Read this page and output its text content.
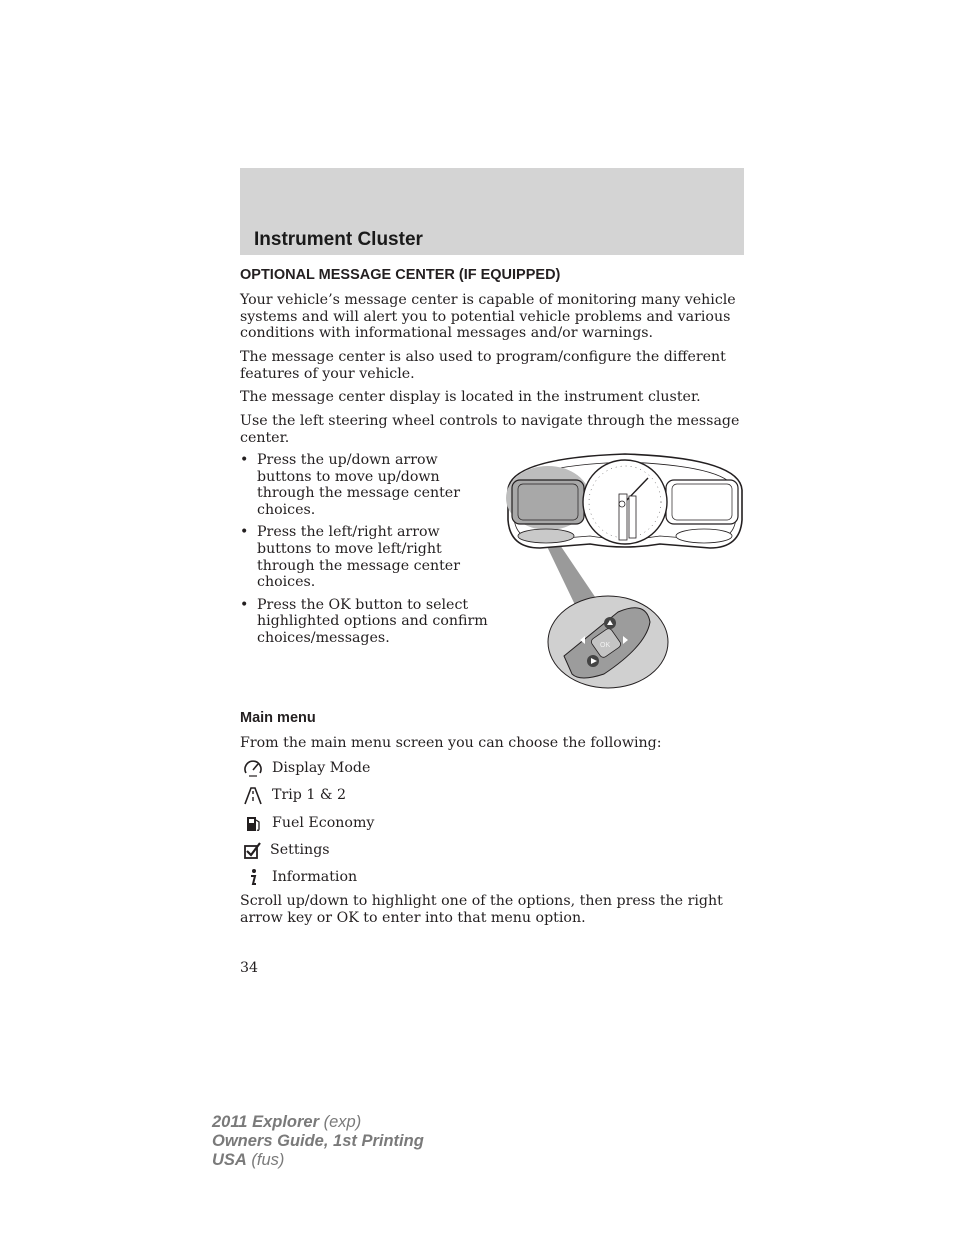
Instrument Cluster
OPTIONAL MESSAGE CENTER (IF EQUIPPED)

Your vehicle’s message center is capable of monitoring many vehicle systems and will alert you to potential vehicle problems and various conditions with informational messages and/or warnings.

The message center is also used to program/configure the different features of your vehicle.

The message center display is located in the instrument cluster.

Use the left steering wheel controls to navigate through the message center.

• Press the up/down arrow buttons to move up/down through the message center choices.
• Press the left/right arrow buttons to move left/right through the message center choices.
• Press the OK button to select highlighted options and confirm choices/messages.	OK
Main menu

From the main menu screen you can choose the following:

Display Mode
Trip 1 & 2
Fuel Economy
Settings
Information

Scroll up/down to highlight one of the options, then press the right arrow key or OK to enter into that menu option.

34
2011 Explorer (exp)
Owners Guide, 1st Printing
USA (fus)
